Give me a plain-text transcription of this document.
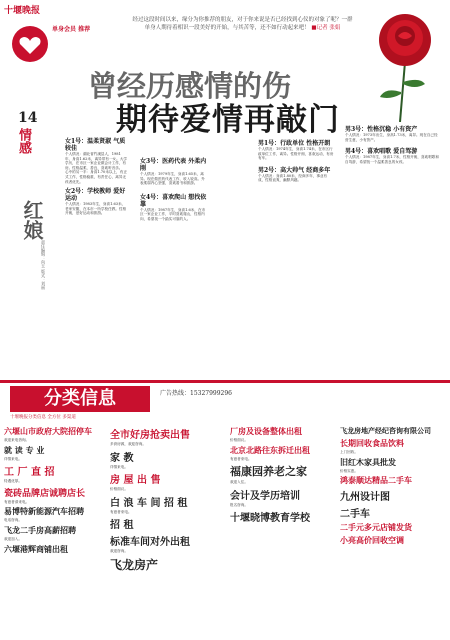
十堰晚报
单身会员 推荐
经过这段时间以来，缘分为你推荐的朋友，对于你来说是否已经找到心仪的对象了呢？一群单身人期待着相识一段美好的开始，与其苦等，还不如行动起来吧！ ■记者 张娟
曾经历感情的伤
期待爱情再敲门
14
情感
红娘
责任编辑：向玉 版式：刘丽

女1号：温柔贤淑 气质较佳

个人情况：湖北省竹溪县人，1981年，身高1.62米，离异带有一女。大学学历，在市区一家企业做会计工作，有房。性格温柔，善良，喜欢听音乐。

心中的另一半：身高1.70米以上，有正式工作，性格稳重，有责任心，离异无孩者优先。

女2号：学校教师 爱好运动

个人情况：1983年生，身高1.63米，老家安徽，在本市一所学校任教。性格开朗，爱好运动和旅游。

女3号：医药代表 外柔内刚

个人情况：1979年生，身高1.65米，离异。现在做医药代表工作，收入较高。外表柔弱内心坚强，喜欢看书和旅游。

女4号：喜欢爬山 想找依靠

个人情况：1987年生，身高1.6米，在市区一家企业工作，平时喜欢爬山，性格内向，希望找一个踏实可靠的人。

男1号：行政单位 性格开朗

个人情况：1974年生，身高1.74米，在市区行政单位工作，离异。性格开朗，喜欢运动，有房有车。

男2号：高大帅气 经商多年

个人情况：身高1.80米，经商多年，事业有成，性格直爽，幽默风趣。

男3号：性格沉稳 小有资产

个人情况：1973年出生，身高1.73米，离异。现在自己经营生意，小有资产。

男4号：喜欢唱歌 爱自驾游

个人情况：1987年生，身高1.7米，性格开朗，喜欢唱歌和自驾游，希望找一个温柔善良的女孩。

分类信息
十堰晚报分类信息 全方位 多渠道
广告热线：15327999296
六堰山市政府大院招停车
欢迎来电咨询。
就 读 专 业
详情来电。
工 厂 直 招
待遇优厚。
瓷砖品牌店诚聘店长
有意者请来电。
易博特新能源汽车招聘
电话咨询。
飞龙二手房高薪招聘
欢迎加入。
六堰港辉商铺出租
全市好房抢卖出售
多套房源，欢迎咨询。
家 教
详情来电。
房 屋 出 售
价格面议。
白 浪 车 间 招 租
有意者来电。
招 租
标准车间对外出租
欢迎咨询。
飞龙房产
厂房及设备整体出租
价格面议。
北京北路往东拆迁出租
有意者来电。
福康园养老之家
欢迎入住。
会计及学历培训
报名咨询。
十堰晓博教育学校
飞龙房地产经纪咨询有限公司
长期回收食品饮料
上门回收。
旧红木家具批发
价格实惠。
鸿泰顺达精品二手车
九州设计图
二手车
二手元多元店铺发货
小亮高价回收空调
